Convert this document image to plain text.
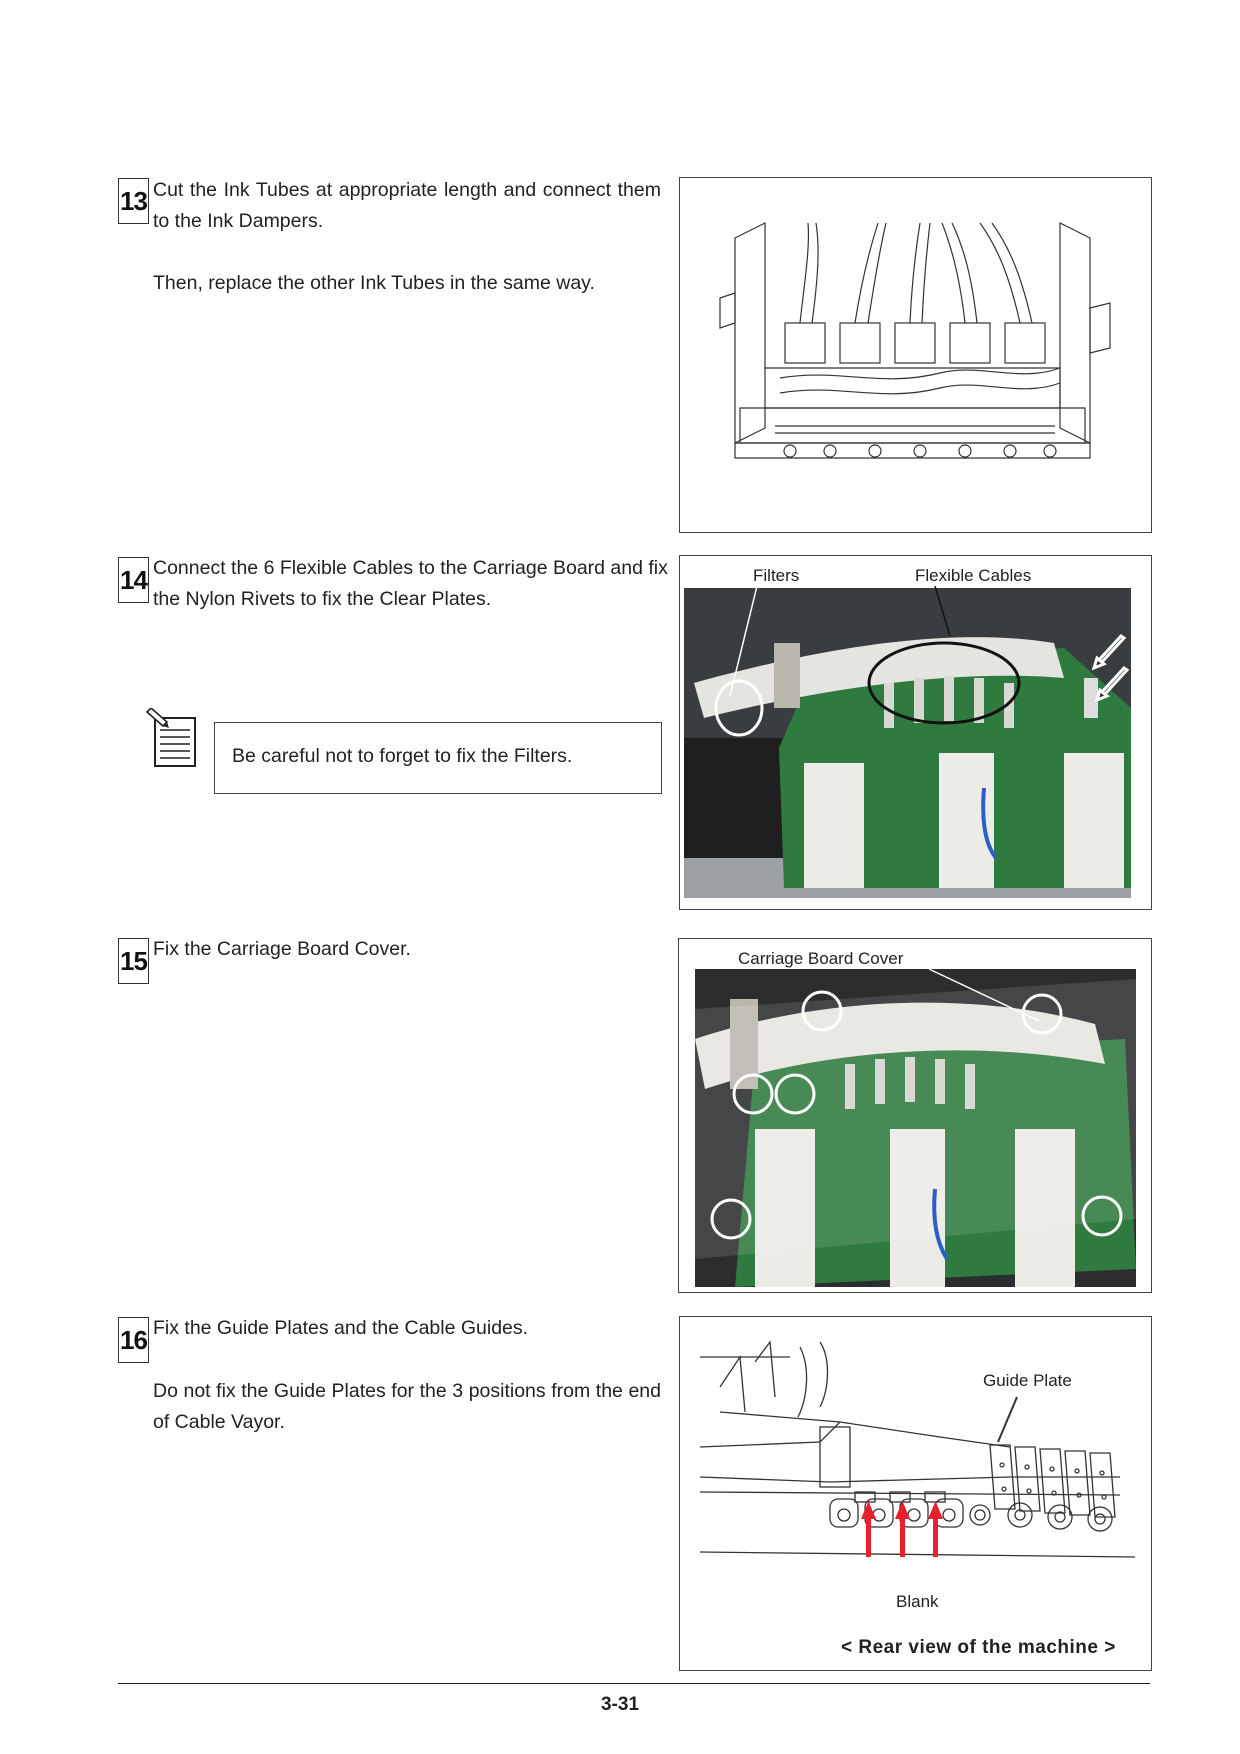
13 Cut the Ink Tubes at appropriate length and connect them to the Ink Dampers.
Then, replace the other Ink Tubes in the same way.
14 Connect the 6 Flexible Cables to the Carriage Board and fix the Nylon Rivets to fix the Clear Plates.
Be careful not to forget to fix the Filters.
Filters	Flexible Cables
15 Fix the Carriage Board Cover.	Carriage Board Cover
16 Fix the Guide Plates and the Cable Guides.
Do not fix the Guide Plates for the 3 positions from the end of Cable Vayor.
Guide Plate
Blank
< Rear view of the machine >
3-31
